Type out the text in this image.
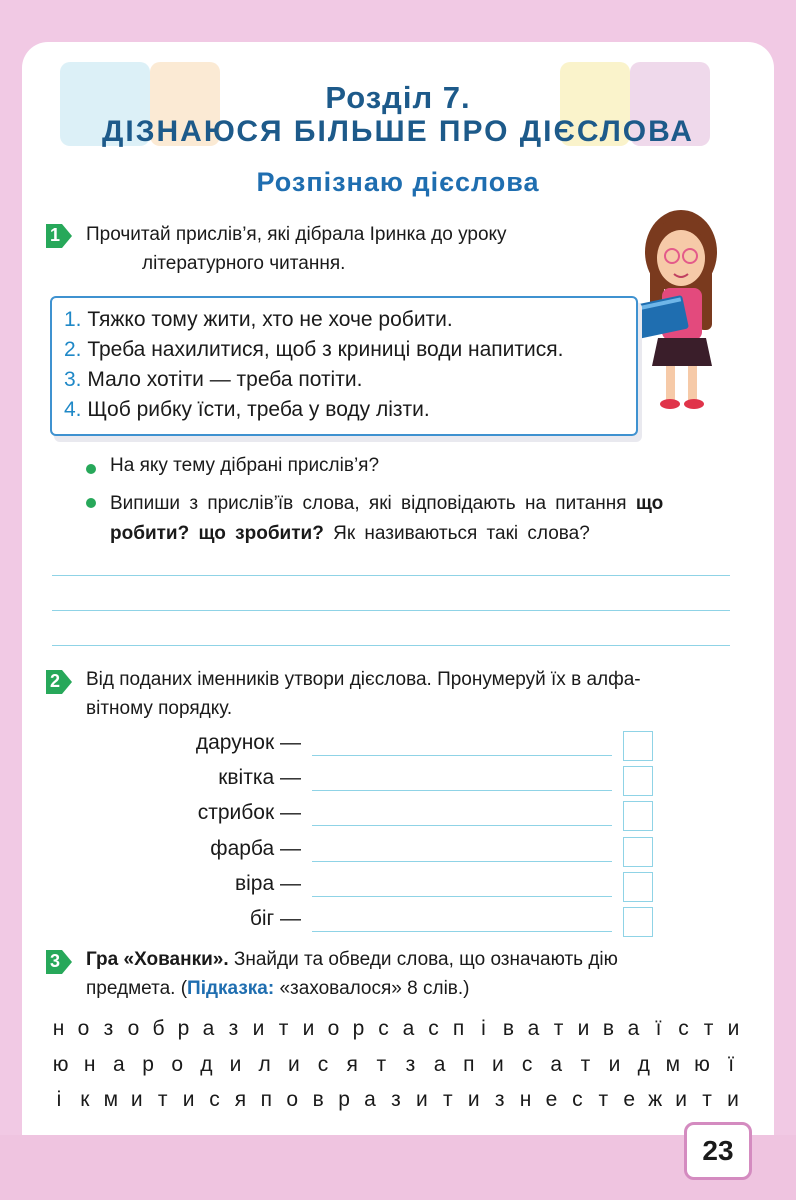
Розділ 7.
ДІЗНАЮСЯ БІЛЬШЕ ПРО ДІЄСЛОВА
Розпізнаю дієслова
1 Прочитай прислів’я, які дібрала Іринка до уроку
літературного читання.
1. Тяжко тому жити, хто не хоче робити.
2. Треба нахилитися, щоб з криниці води напитися.
3. Мало хотіти — треба потіти.
4. Щоб рибку їсти, треба у воду лізти.
На яку тему дібрані прислів’я?
Випиши з прислів’їв слова, які відповідають на питання що робити? що зробити? Як називаються такі слова?
2 Від поданих іменників утвори дієслова. Пронумеруй їх в алфа-
вітному порядку.
дарунок —
квітка —
стрибок —
фарба —
віра —
біг —
3 Гра «Хованки». Знайди та обведи слова, що означають дію
предмета. (Підказка: «заховалося» 8 слів.)
н о з о б р а з и т и о р с а с п і в а т и в а ї с т и
ю н а р о д и л и с я т з а п и с а т и д м ю ї
і к м и т и с я п о в р а з и т и з н е с т е ж и т и
23
